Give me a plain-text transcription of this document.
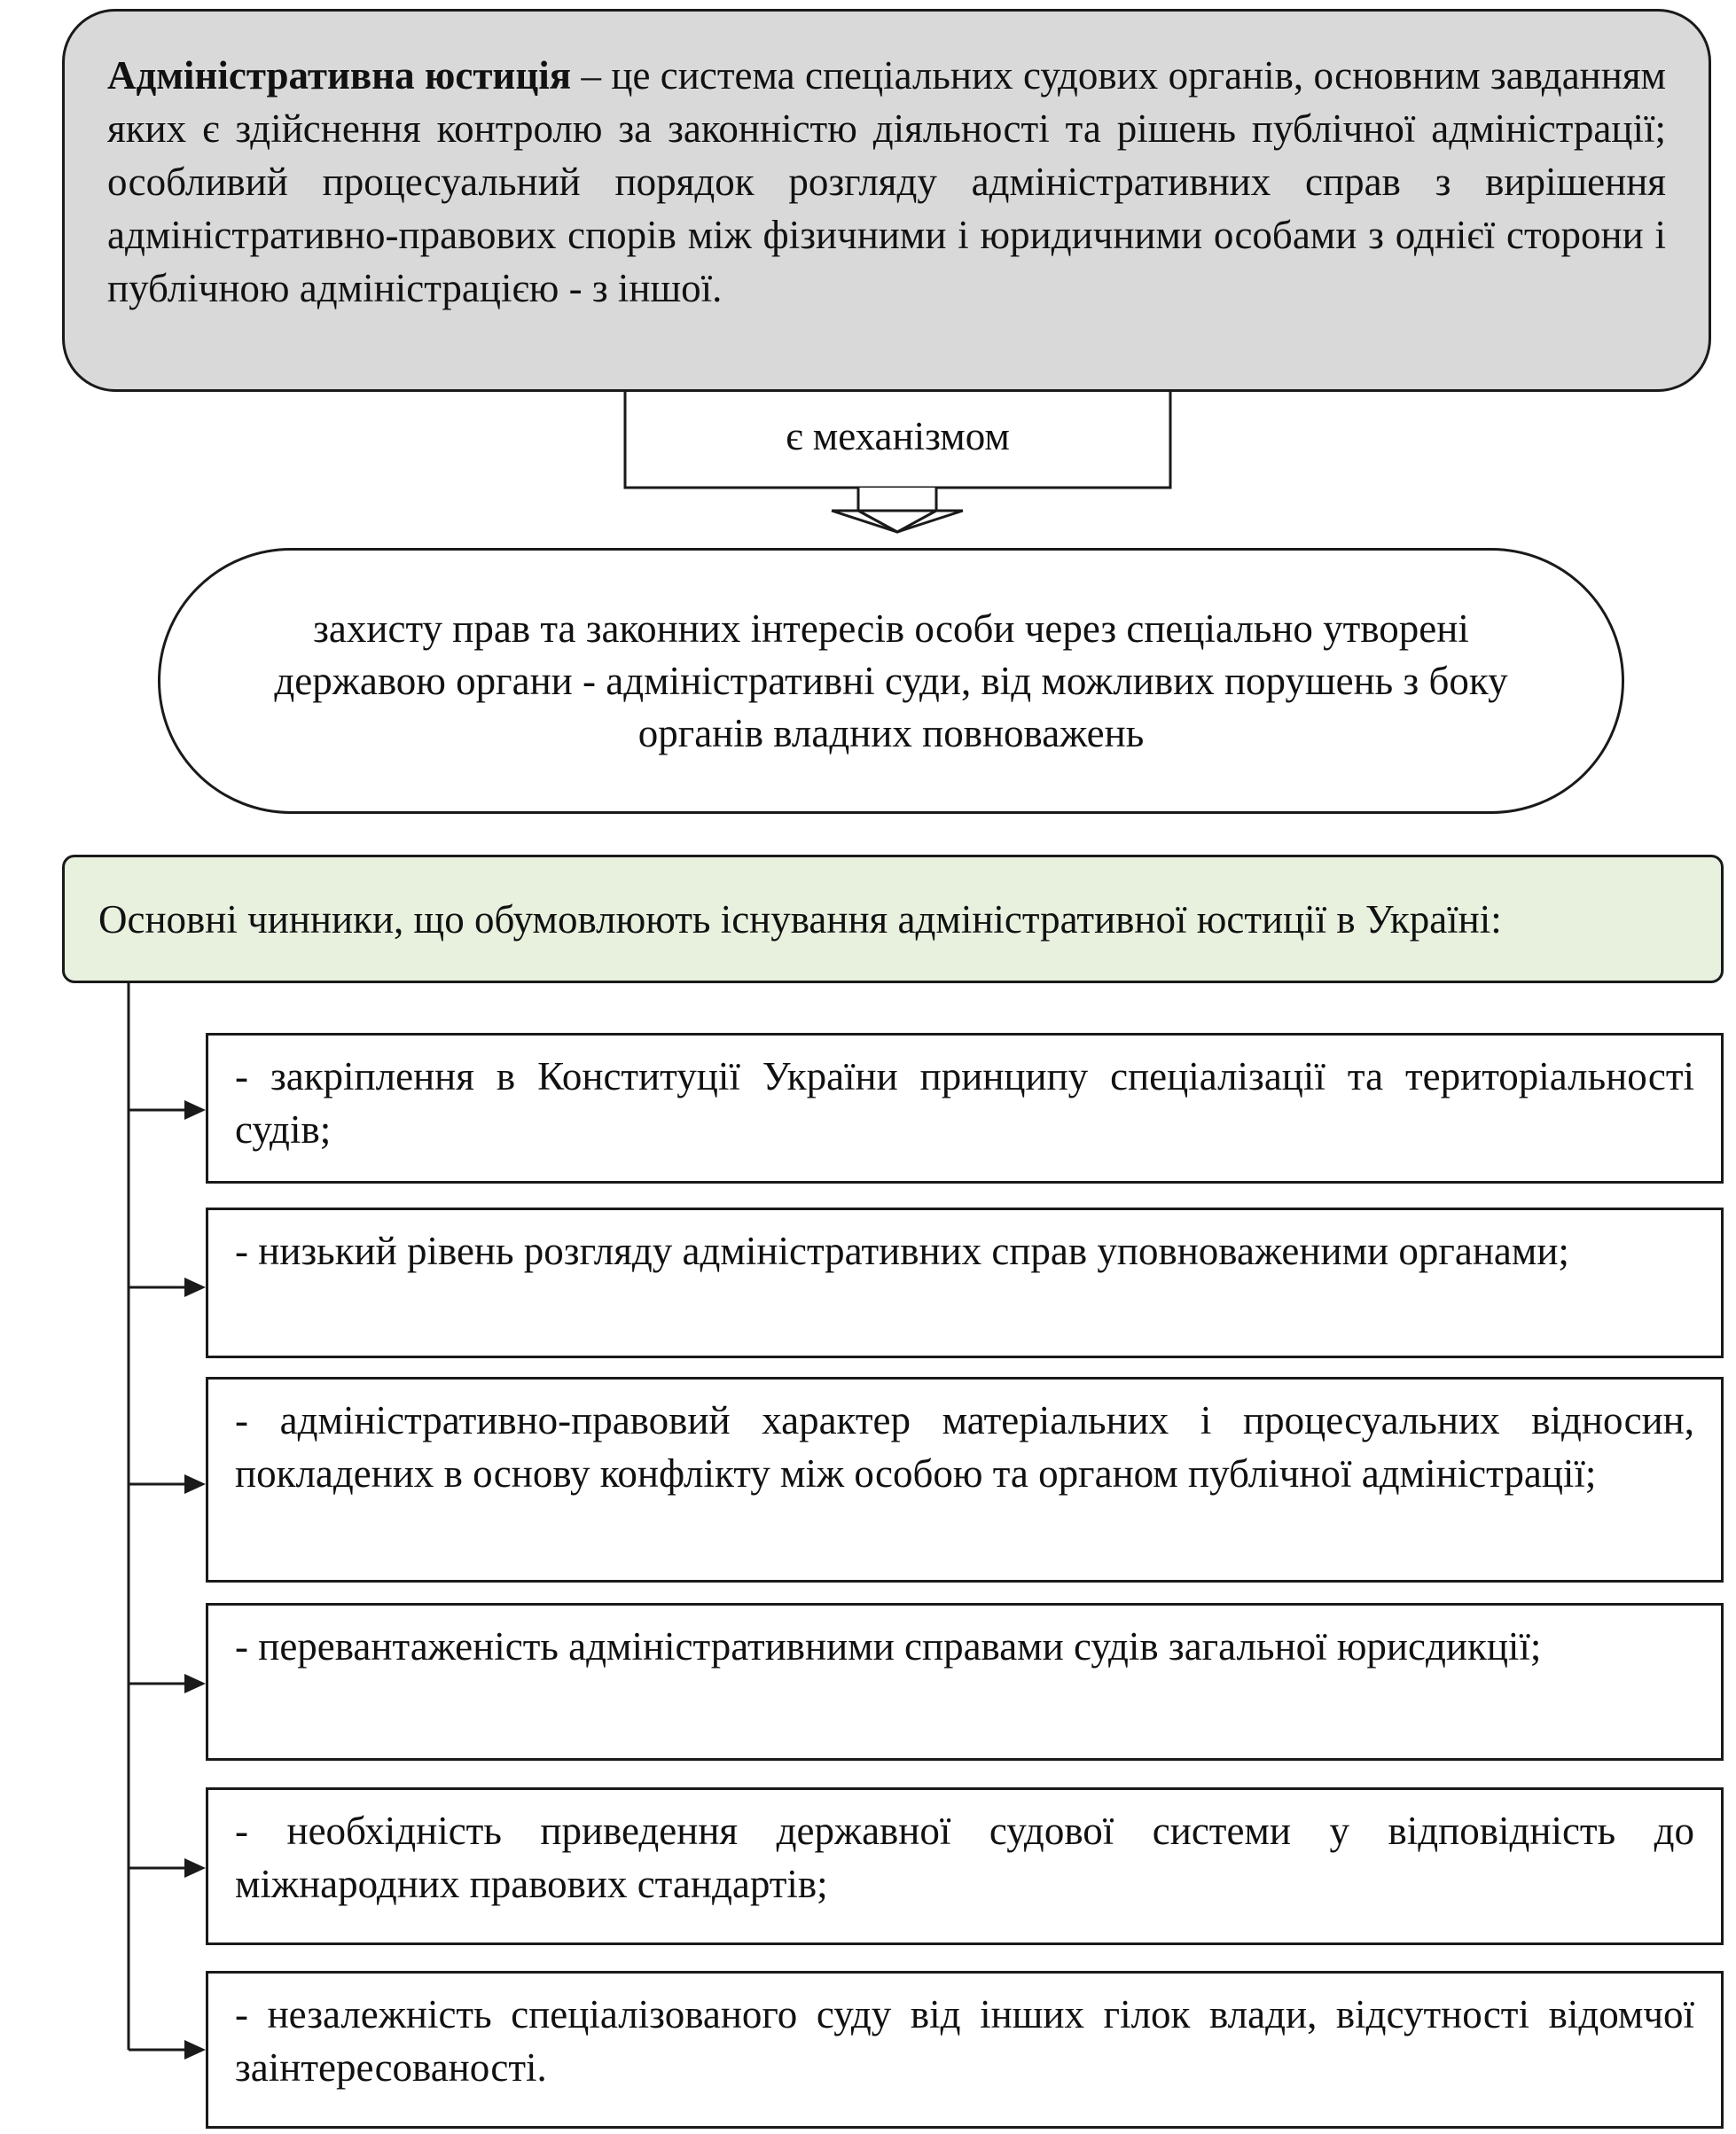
Адміністративна юстиція – це система спеціальних судових органів, основним завданням яких є здійснення контролю за законністю діяльності та рішень публічної адміністрації; особливий процесуальний порядок розгляду адміністративних справ з вирішення адміністративно-правових спорів між фізичними і юридичними особами з однієї сторони і публічною адміністрацією - з іншої.
є механізмом
захисту прав та законних інтересів особи через спеціально утворені державою органи - адміністративні суди, від можливих порушень з боку органів владних повноважень
Основні чинники, що обумовлюють існування адміністративної юстиції в Україні:
- закріплення в Конституції України принципу спеціалізації та територіальності судів;
- низький рівень розгляду адміністративних справ уповноваженими органами;
- адміністративно-правовий характер матеріальних і процесуальних відносин, покладених в основу конфлікту між особою та органом публічної адміністрації;
- перевантаженість адміністративними справами судів загальної юрисдикції;
- необхідність приведення державної судової системи у відповідність до міжнародних правових стандартів;
- незалежність спеціалізованого суду від інших гілок влади, відсутності відомчої заінтересованості.
